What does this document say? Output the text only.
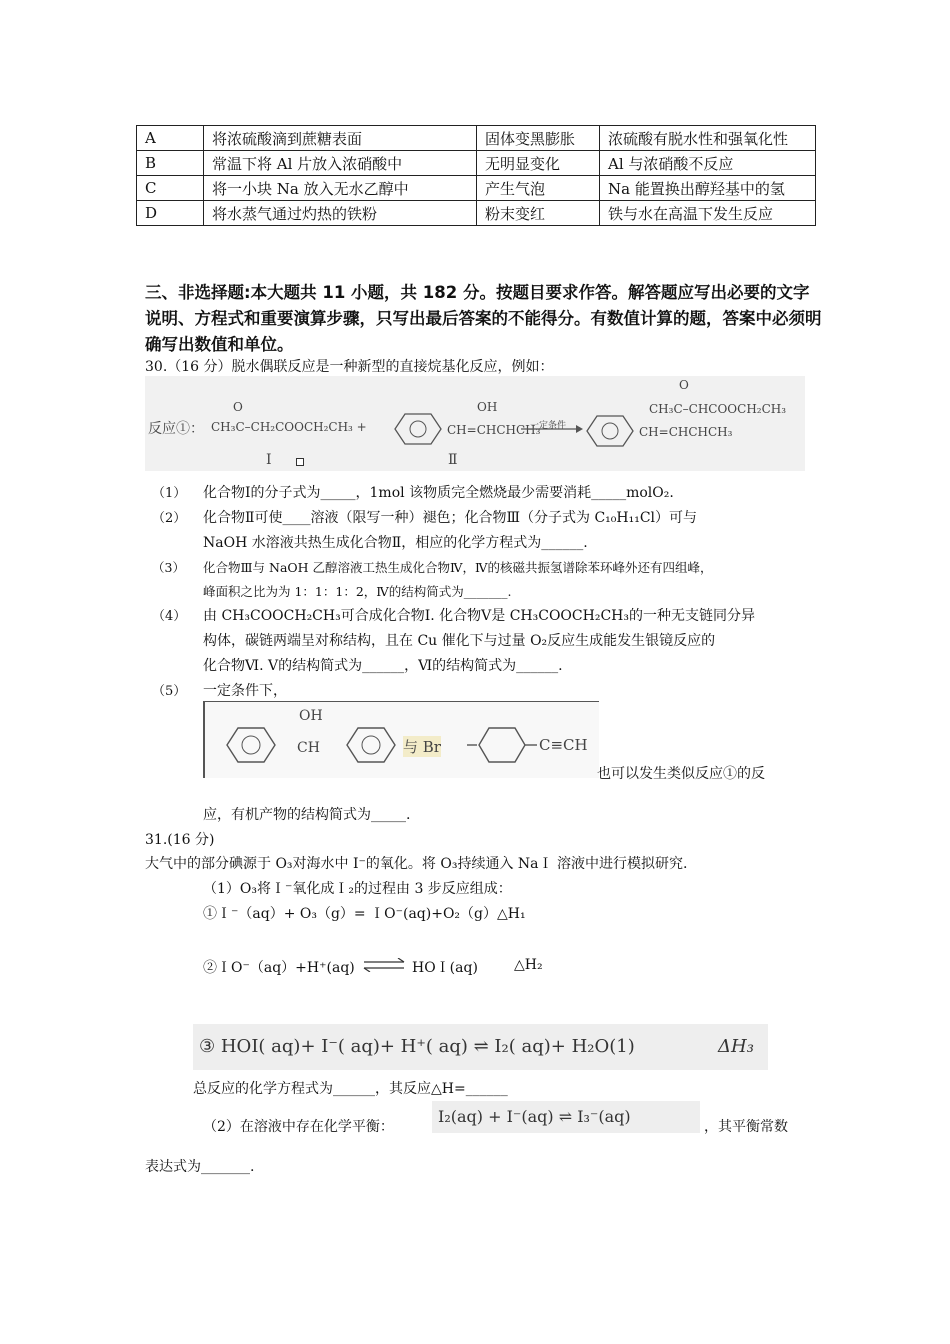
A	将浓硫酸滴到蔗糖表面	固体变黑膨胀	浓硫酸有脱水性和强氧化性
B	常温下将 Al 片放入浓硝酸中	无明显变化	Al 与浓硝酸不反应
C	将一小块 Na 放入无水乙醇中	产生气泡	Na 能置换出醇羟基中的氢
D	将水蒸气通过灼热的铁粉	粉末变红	铁与水在高温下发生反应
三、非选择题:本大题共 11 小题，共 182 分。按题目要求作答。解答题应写出必要的文字说明、方程式和重要演算步骤，只写出最后答案的不能得分。有数值计算的题，答案中必须明确写出数值和单位。
30.（16 分）脱水偶联反应是一种新型的直接烷基化反应，例如：
反应①：
O
CH₃C–CH₂COOCH₂CH₃ +
Ⅰ
OH
CH=CHCHCH₃
Ⅱ
一定条件
O
CH₃C–CHCOOCH₂CH₃
CH=CHCHCH₃
（1） 化合物Ⅰ的分子式为_____，1mol 该物质完全燃烧最少需要消耗_____molO₂.
（2） 化合物Ⅱ可使____溶液（限写一种）褪色；化合物Ⅲ（分子式为 C₁₀H₁₁Cl）可与
NaOH 水溶液共热生成化合物Ⅱ，相应的化学方程式为______.
（3） 化合物Ⅲ与 NaOH 乙醇溶液工热生成化合物Ⅳ，Ⅳ的核磁共振氢谱除苯环峰外还有四组峰，
峰面积之比为为 1：1：1：2，Ⅳ的结构简式为_______.
（4） 由 CH₃COOCH₂CH₃可合成化合物Ⅰ. 化合物Ⅴ是 CH₃COOCH₂CH₃的一种无支链同分异
构体，碳链两端呈对称结构，且在 Cu 催化下与过量 O₂反应生成能发生银镜反应的
化合物Ⅵ. Ⅴ的结构简式为______，Ⅵ的结构简式为______.
（5） 一定条件下，
OH
CH	与 Br	C≡CH
也可以发生类似反应①的反
应，有机产物的结构简式为_____.
31.(16 分)
大气中的部分碘源于 O₃对海水中 I⁻的氧化。将 O₃持续通入 NaＩ 溶液中进行模拟研究.
（1）O₃将Ｉ⁻氧化成Ｉ₂的过程由 3 步反应组成：
①Ｉ⁻（aq）+ O₃（g）= ＩO⁻(aq)+O₂（g）△H₁
②ＩO⁻（aq）+H⁺(aq) ⇌ HOＩ(aq)	△H₂
③ HOI( aq)+ I⁻( aq)+ H⁺( aq) ⇌ I₂( aq)+ H₂O(1)	ΔH₃
总反应的化学方程式为______，其反应△H=______
（2）在溶液中存在化学平衡：
I₂(aq) + I⁻(aq) ⇌ I₃⁻(aq)
，其平衡常数
表达式为_______.
